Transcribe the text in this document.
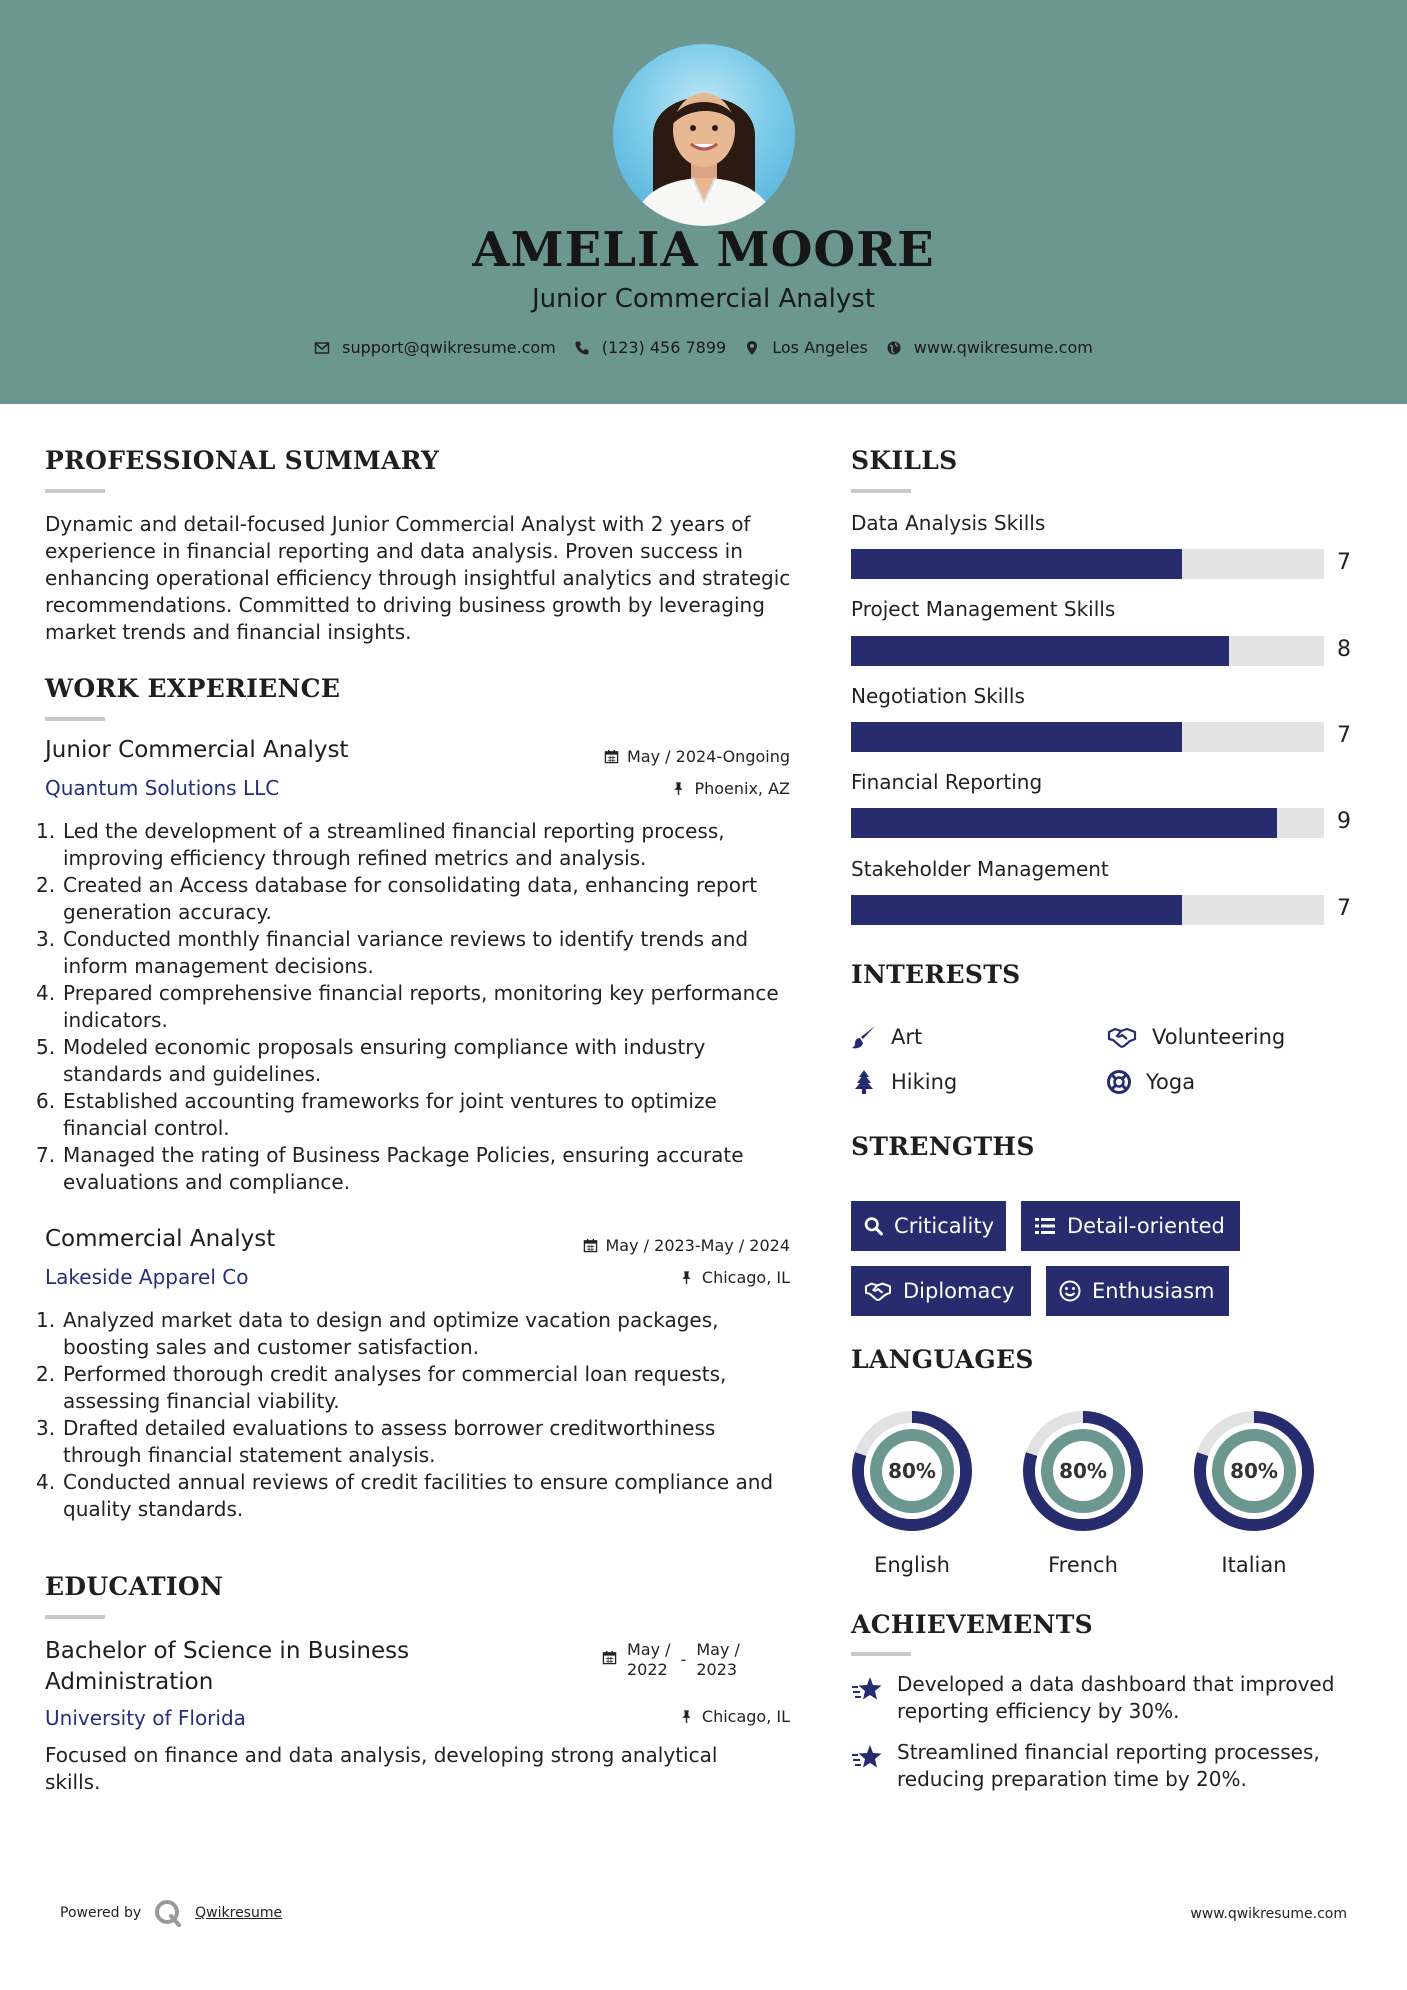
AMELIA MOORE
Junior Commercial Analyst
support@qwikresume.com	(123) 456 7899	Los Angeles	www.qwikresume.com
PROFESSIONAL SUMMARY
Dynamic and detail-focused Junior Commercial Analyst with 2 years of experience in financial reporting and data analysis. Proven success in enhancing operational efficiency through insightful analytics and strategic recommendations. Committed to driving business growth by leveraging market trends and financial insights.
WORK EXPERIENCE
Junior Commercial Analyst
Quantum Solutions LLC
May / 2024-Ongoing
Phoenix, AZ
1. Led the development of a streamlined financial reporting process, improving efficiency through refined metrics and analysis.
2. Created an Access database for consolidating data, enhancing report generation accuracy.
3. Conducted monthly financial variance reviews to identify trends and inform management decisions.
4. Prepared comprehensive financial reports, monitoring key performance indicators.
5. Modeled economic proposals ensuring compliance with industry standards and guidelines.
6. Established accounting frameworks for joint ventures to optimize financial control.
7. Managed the rating of Business Package Policies, ensuring accurate evaluations and compliance.
Commercial Analyst
Lakeside Apparel Co
May / 2023-May / 2024
Chicago, IL
1. Analyzed market data to design and optimize vacation packages, boosting sales and customer satisfaction.
2. Performed thorough credit analyses for commercial loan requests, assessing financial viability.
3. Drafted detailed evaluations to assess borrower creditworthiness through financial statement analysis.
4. Conducted annual reviews of credit facilities to ensure compliance and quality standards.
EDUCATION
Bachelor of Science in Business
Administration
University of Florida
May /
2022
-
May /
2023
Chicago, IL
Focused on finance and data analysis, developing strong analytical skills.
SKILLS
Data Analysis Skills
7
Project Management Skills
8
Negotiation Skills
7
Financial Reporting
9
Stakeholder Management
7
INTERESTS
Art	Volunteering
Hiking	Yoga
STRENGTHS
Criticality	Detail-oriented
Diplomacy	Enthusiasm
LANGUAGES
80%
English
80%
French
80%
Italian
ACHIEVEMENTS
Developed a data dashboard that improved reporting efficiency by 30%.
Streamlined financial reporting processes, reducing preparation time by 20%.
Powered by	Qwikresume	www.qwikresume.com
